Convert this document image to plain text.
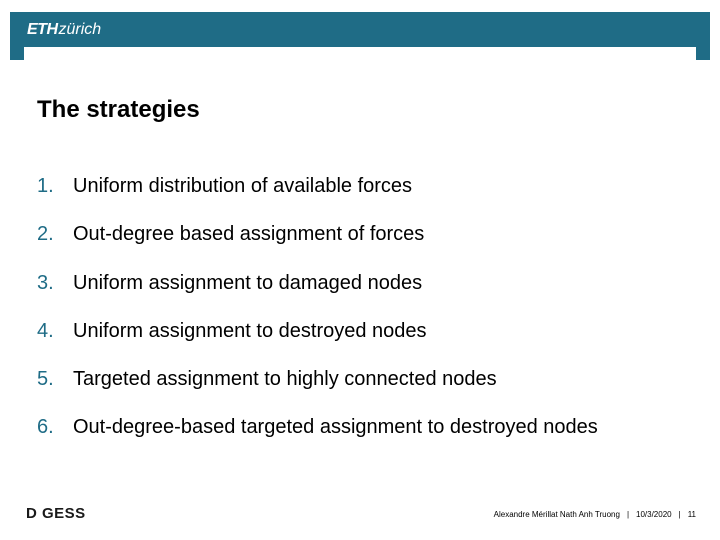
ETHzürich
The strategies
1. Uniform distribution of available forces
2. Out-degree based assignment of forces
3. Uniform assignment to damaged nodes
4. Uniform assignment to destroyed nodes
5. Targeted assignment to highly connected nodes
6. Out-degree-based targeted assignment to destroyed nodes
D GESS	Alexandre Mérillat Nath Anh Truong | 10/3/2020 | 11
